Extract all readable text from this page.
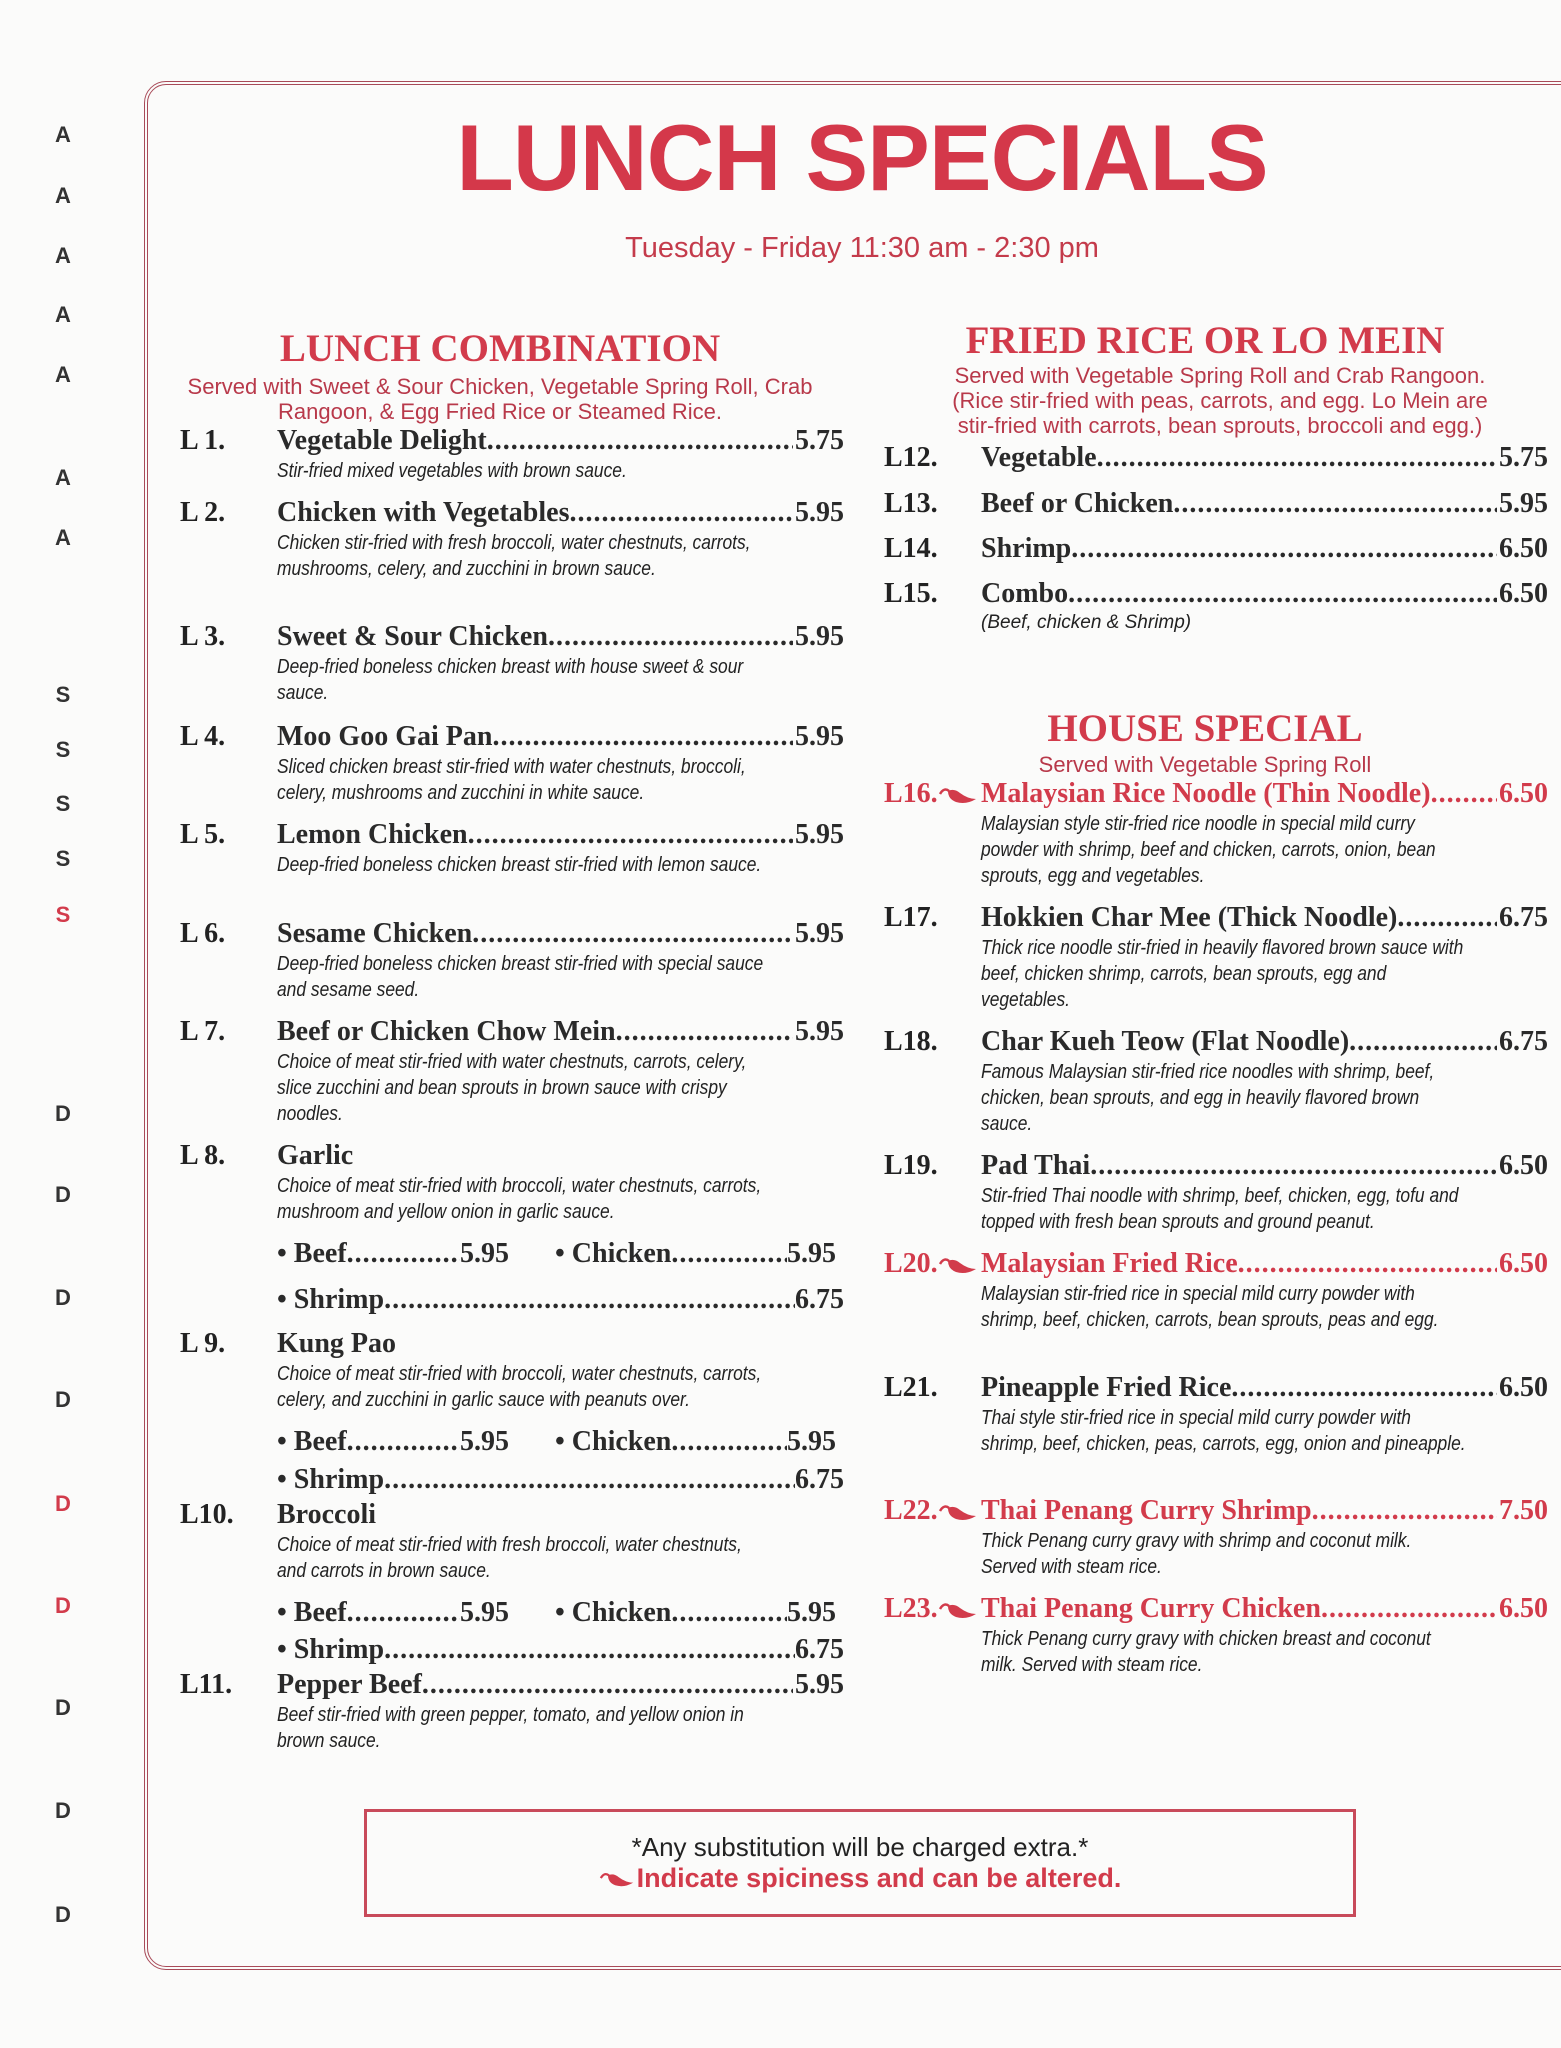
A
A
A
A
A
A
A
S
S
S
S
S
D
D
D
D
D
D
D
D
D
LUNCH SPECIALS
Tuesday - Friday 11:30 am - 2:30 pm
LUNCH COMBINATION
Served with Sweet & Sour Chicken, Vegetable Spring Roll, Crab
Rangoon, & Egg Fried Rice or Steamed Rice.
L 1. Vegetable Delight .....	5.75
Stir-fried mixed vegetables with brown sauce.
L 2. Chicken with Vegetables .....	5.95
Chicken stir-fried with fresh broccoli, water chestnuts, carrots, mushrooms, celery, and zucchini in brown sauce.
L 3. Sweet & Sour Chicken .....	5.95
Deep-fried boneless chicken breast with house sweet & sour sauce.
L 4. Moo Goo Gai Pan .....	5.95
Sliced chicken breast stir-fried with water chestnuts, broccoli, celery, mushrooms and zucchini in white sauce.
L 5. Lemon Chicken .....	5.95
Deep-fried boneless chicken breast stir-fried with lemon sauce.
L 6. Sesame Chicken .....	5.95
Deep-fried boneless chicken breast stir-fried with special sauce and sesame seed.
L 7. Beef or Chicken Chow Mein .....	5.95
Choice of meat stir-fried with water chestnuts, carrots, celery, slice zucchini and bean sprouts in brown sauce with crispy noodles.
L 8. Garlic
Choice of meat stir-fried with broccoli, water chestnuts, carrots, mushroom and yellow onion in garlic sauce.
• Beef .....	5.95 • Chicken .....	5.95
• Shrimp .....	6.75
L 9. Kung Pao
Choice of meat stir-fried with broccoli, water chestnuts, carrots, celery, and zucchini in garlic sauce with peanuts over.
• Beef .....	5.95 • Chicken .....	5.95
• Shrimp .....	6.75
L10. Broccoli
Choice of meat stir-fried with fresh broccoli, water chestnuts, and carrots in brown sauce.
• Beef .....	5.95 • Chicken .....	5.95
• Shrimp .....	6.75
L11. Pepper Beef .....	5.95
Beef stir-fried with green pepper, tomato, and yellow onion in brown sauce.
FRIED RICE OR LO MEIN
Served with Vegetable Spring Roll and Crab Rangoon.
(Rice stir-fried with peas, carrots, and egg. Lo Mein are
stir-fried with carrots, bean sprouts, broccoli and egg.)
L12. Vegetable .....	5.75
L13. Beef or Chicken .....	5.95
L14. Shrimp .....	6.50
L15. Combo .....	6.50
(Beef, chicken & Shrimp)
HOUSE SPECIAL
Served with Vegetable Spring Roll
L16. Malaysian Rice Noodle (Thin Noodle) ..... 6.50
Malaysian style stir-fried rice noodle in special mild curry powder with shrimp, beef and chicken, carrots, onion, bean sprouts, egg and vegetables.
L17. Hokkien Char Mee (Thick Noodle) .....	6.75
Thick rice noodle stir-fried in heavily flavored brown sauce with beef, chicken shrimp, carrots, bean sprouts, egg and vegetables.
L18. Char Kueh Teow (Flat Noodle) .....	6.75
Famous Malaysian stir-fried rice noodles with shrimp, beef, chicken, bean sprouts, and egg in heavily flavored brown sauce.
L19. Pad Thai .....	6.50
Stir-fried Thai noodle with shrimp, beef, chicken, egg, tofu and topped with fresh bean sprouts and ground peanut.
L20. Malaysian Fried Rice .....	6.50
Malaysian stir-fried rice in special mild curry powder with shrimp, beef, chicken, carrots, bean sprouts, peas and egg.
L21. Pineapple Fried Rice .....	6.50
Thai style stir-fried rice in special mild curry powder with shrimp, beef, chicken, peas, carrots, egg, onion and pineapple.
L22. Thai Penang Curry Shrimp .....	7.50
Thick Penang curry gravy with shrimp and coconut milk. Served with steam rice.
L23. Thai Penang Curry Chicken .....	6.50
Thick Penang curry gravy with chicken breast and coconut milk. Served with steam rice.
*Any substitution will be charged extra.*
Indicate spiciness and can be altered.
